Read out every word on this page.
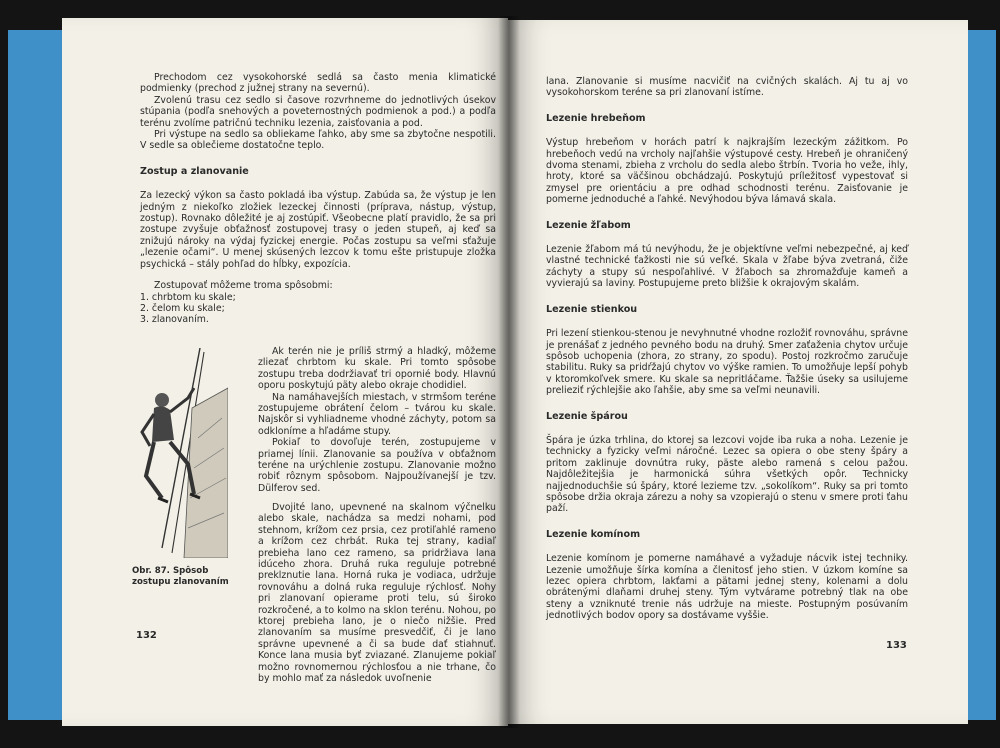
Prechodom cez vysokohorské sedlá sa často menia klimatické podmienky (prechod z južnej strany na severnú).

Zvolenú trasu cez sedlo si časove rozvrhneme do jednotlivých úsekov stúpania (podľa snehových a poveternostných podmienok a pod.) a podľa terénu zvolíme patričnú techniku lezenia, zaisťovania a pod.

Pri výstupe na sedlo sa obliekame ľahko, aby sme sa zbytočne nespotili. V sedle sa oblečieme dostatočne teplo.

Zostup a zlanovanie

Za lezecký výkon sa často pokladá iba výstup. Zabúda sa, že výstup je len jedným z niekoľko zložiek lezeckej činnosti (príprava, nástup, výstup, zostup). Rovnako dôležité je aj zostúpiť. Všeobecne platí pravidlo, že sa pri zostupe zvyšuje obťažnosť zostupovej trasy o jeden stupeň, aj keď sa znižujú nároky na výdaj fyzickej energie. Počas zostupu sa veľmi sťažuje „lezenie očami“. U menej skúsených lezcov k tomu ešte pristupuje zložka psychická – stály pohľad do hĺbky, expozícia.

Zostupovať môžeme troma spôsobmi:

1. chrbtom ku skale;

2. čelom ku skale;

3. zlanovaním.

Obr. 87. Spôsob zostupu zlanovaním

Ak terén nie je príliš strmý a hladký, môžeme zliezať chrbtom ku skale. Pri tomto spôsobe zostupu treba dodržiavať tri opornié body. Hlavnú oporu poskytujú päty alebo okraje chodidiel.

Na namáhavejších miestach, v strmšom teréne zostupujeme obrátení čelom – tvárou ku skale. Najskôr si vyhliadneme vhodné záchyty, potom sa odkloníme a hľadáme stupy.

Pokiaľ to dovoľuje terén, zostupujeme v priamej línii. Zlanovanie sa používa v obťažnom teréne na urýchlenie zostupu. Zlanovanie možno robiť rôznym spôsobom. Najpoužívanejší je tzv. Dülferov sed.

Dvojité lano, upevnené na skalnom výčnelku alebo skale, nachádza sa medzi nohami, pod stehnom, krížom cez prsia, cez protiľahlé rameno a krížom cez chrbát. Ruka tej strany, kadiaľ prebieha lano cez rameno, sa pridržiava lana idúceho zhora. Druhá ruka reguluje potrebné preklznutie lana. Horná ruka je vodiaca, udržuje rovnováhu a dolná ruka reguluje rýchlosť. Nohy pri zlanovaní opierame proti telu, sú široko rozkročené, a to kolmo na sklon terénu. Nohou, po ktorej prebieha lano, je o niečo nižšie. Pred zlanovaním sa musíme presvedčiť, či je lano správne upevnené a či sa bude dať stiahnuť. Konce lana musia byť zviazané. Zlanujeme pokiaľ možno rovnomernou rýchlosťou a nie trhane, čo by mohlo mať za následok uvoľnenie

132

lana. Zlanovanie si musíme nacvičiť na cvičných skalách. Aj tu aj vo vysokohorskom teréne sa pri zlanovaní istíme.

Lezenie hrebeňom

Výstup hrebeňom v horách patrí k najkrajším lezeckým zážitkom. Po hrebeňoch vedú na vrcholy najľahšie výstupové cesty. Hrebeň je ohraničený dvoma stenami, zbieha z vrcholu do sedla alebo štrbín. Tvoria ho veže, ihly, hroty, ktoré sa väčšinou obchádzajú. Poskytujú príležitosť vypestovať si zmysel pre orientáciu a pre odhad schodnosti terénu. Zaisťovanie je pomerne jednoduché a ľahké. Nevýhodou býva lámavá skala.

Lezenie žľabom

Lezenie žľabom má tú nevýhodu, že je objektívne veľmi nebezpečné, aj keď vlastné technické ťažkosti nie sú veľké. Skala v žľabe býva zvetraná, čiže záchyty a stupy sú nespoľahlivé. V žľaboch sa zhromažďuje kameň a vyvierajú sa laviny. Postupujeme preto bližšie k okrajovým skalám.

Lezenie stienkou

Pri lezení stienkou-stenou je nevyhnutné vhodne rozložiť rovnováhu, správne je prenášať z jedného pevného bodu na druhý. Smer zaťaženia chytov určuje spôsob uchopenia (zhora, zo strany, zo spodu). Postoj rozkročmo zaručuje stabilitu. Ruky sa pridŕžajú chytov vo výške ramien. To umožňuje lepší pohyb v ktoromkoľvek smere. Ku skale sa nepritláčame. Ťažšie úseky sa usilujeme prelieziť rýchlejšie ako ľahšie, aby sme sa veľmi neunavili.

Lezenie špárou

Špára je úzka trhlina, do ktorej sa lezcovi vojde iba ruka a noha. Lezenie je technicky a fyzicky veľmi náročné. Lezec sa opiera o obe steny špáry a pritom zaklinuje dovnútra ruky, päste alebo ramená s celou pažou. Najdôležitejšia je harmonická súhra všetkých opôr. Technicky najjednoduchšie sú špáry, ktoré lezieme tzv. „sokolíkom“. Ruky sa pri tomto spôsobe držia okraja zárezu a nohy sa vzopierajú o stenu v smere proti ťahu paží.

Lezenie komínom

Lezenie komínom je pomerne namáhavé a vyžaduje nácvik istej techniky. Lezenie umožňuje šírka komína a členitosť jeho stien. V úzkom komíne sa lezec opiera chrbtom, lakťami a pätami jednej steny, kolenami a dolu obrátenými dlaňami druhej steny. Tým vytvárame potrebný tlak na obe steny a vzniknuté trenie nás udržuje na mieste. Postupným posúvaním jednotlivých bodov opory sa dostávame vyššie.

133
